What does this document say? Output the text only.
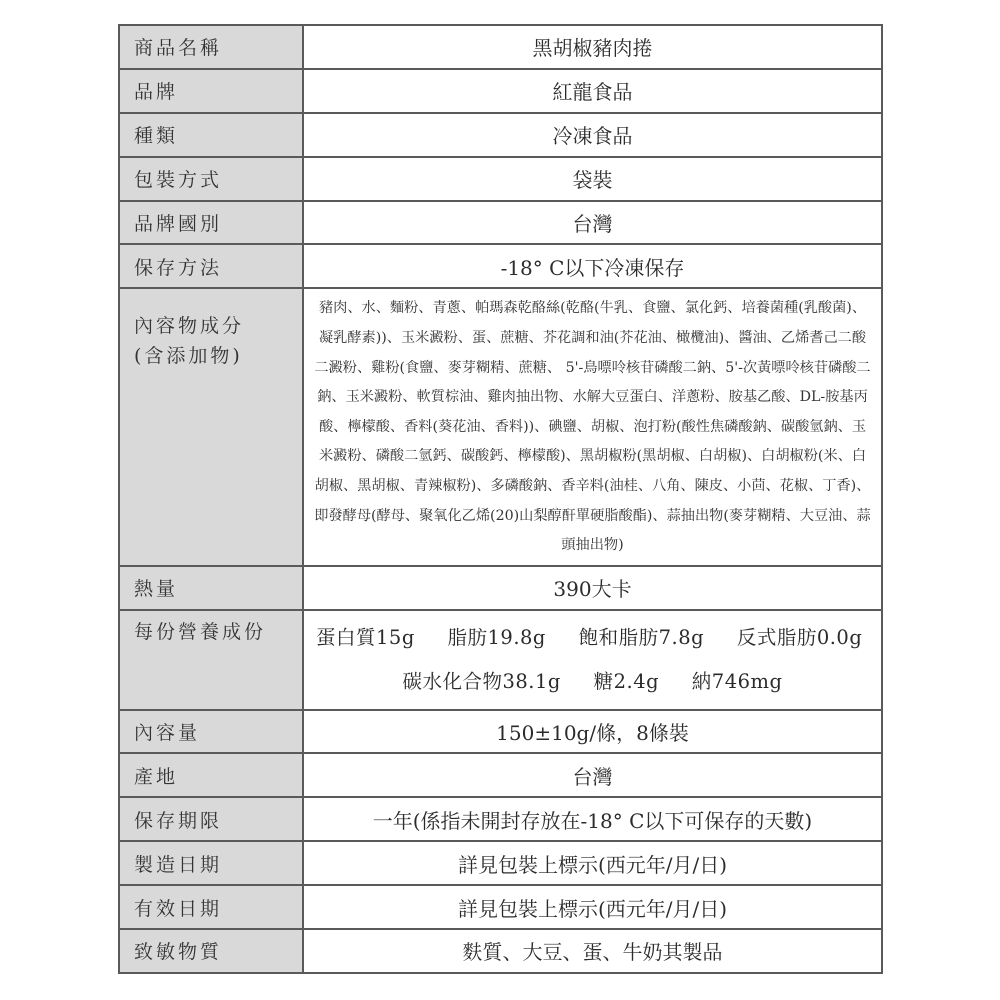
商品名稱	黑胡椒豬肉捲
品牌	紅龍食品
種類	冷凍食品
包裝方式	袋裝
品牌國別	台灣
保存方法	-18° C以下冷凍保存

內容物成分
(含添加物)	豬肉、水、麵粉、青蔥、帕瑪森乾酪絲(乾酪(牛乳、食鹽、氯化鈣、培養菌種(乳酸菌)、凝乳酵素))、玉米澱粉、蛋、蔗糖、芥花調和油(芥花油、橄欖油)、醬油、乙烯耆己二酸二澱粉、雞粉(食鹽、麥芽糊精、蔗糖、 5'-鳥嘌呤核苷磷酸二鈉、5'-次黃嘌呤核苷磷酸二鈉、玉米澱粉、軟質棕油、雞肉抽出物、水解大豆蛋白、洋蔥粉、胺基乙酸、DL-胺基丙酸、檸檬酸、香料(葵花油、香料))、碘鹽、胡椒、泡打粉(酸性焦磷酸鈉、碳酸氫鈉、玉米澱粉、磷酸二氫鈣、碳酸鈣、檸檬酸)、黑胡椒粉(黑胡椒、白胡椒)、白胡椒粉(米、白胡椒、黑胡椒、青辣椒粉)、多磷酸鈉、香辛料(油桂、八角、陳皮、小茴、花椒、丁香)、即發酵母(酵母、聚氧化乙烯(20)山梨醇酐單硬脂酸酯)、蒜抽出物(麥芽糊精、大豆油、蒜頭抽出物)

熱量	390大卡
每份營養成份	蛋白質15g 脂肪19.8g 飽和脂肪7.8g 反式脂肪0.0g
碳水化合物38.1g 糖2.4g 納746mg

內容量	150±10g/條，8條裝
產地	台灣
保存期限	一年(係指未開封存放在-18° C以下可保存的天數)
製造日期	詳見包裝上標示(西元年/月/日)
有效日期	詳見包裝上標示(西元年/月/日)
致敏物質	麩質、大豆、蛋、牛奶其製品
